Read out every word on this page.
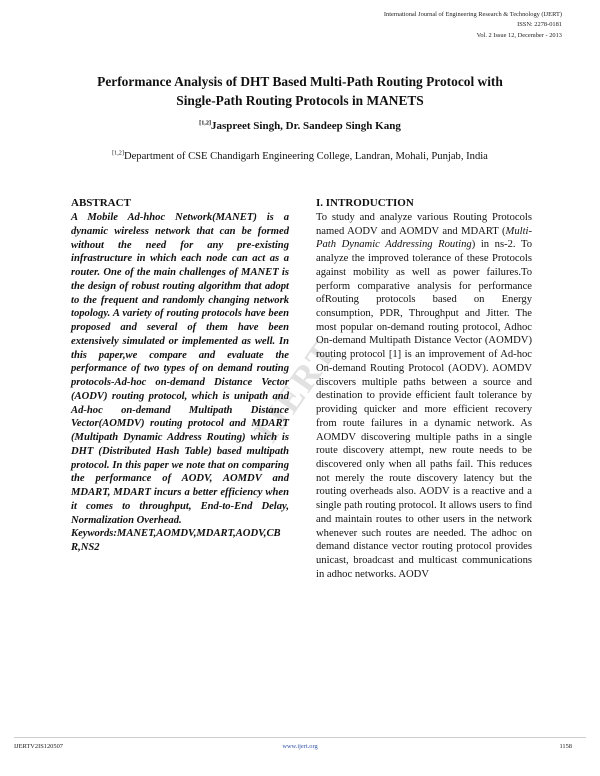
International Journal of Engineering Research & Technology (IJERT)
ISSN: 2278-0181
Vol. 2 Issue 12, December - 2013
Performance Analysis of DHT Based Multi-Path Routing Protocol with
Single-Path Routing Protocols in MANETS
[1,2]Jaspreet Singh, Dr. Sandeep Singh Kang
[1,2]Department of CSE Chandigarh Engineering College, Landran, Mohali, Punjab, India
IJERT
ABSTRACT
A Mobile Ad-hhoc Network(MANET) is a dynamic wireless network that can be formed without the need for any pre-existing infrastructure in which each node can act as a router. One of the main challenges of MANET is the design of robust routing algorithm that adopt to the frequent and randomly changing network topology. A variety of routing protocols have been proposed and several of them have been extensively simulated or implemented as well. In this paper,we compare and evaluate the performance of two types of on demand routing protocols-Ad-hoc on-demand Distance Vector (AODV) routing protocol, which is unipath and Ad-hoc on-demand Multipath Distance Vector(AOMDV) routing protocol and MDART (Multipath Dynamic Address Routing) which is DHT (Distributed Hash Table) based multipath protocol. In this paper we note that on comparing the performance of AODV, AOMDV and MDART, MDART incurs a better efficiency when it comes to throughput, End-to-End Delay, Normalization Overhead.
Keywords:MANET,AOMDV,MDART,AODV,CBR,NS2
I. INTRODUCTION
To study and analyze various Routing Protocols named AODV and AOMDV and MDART (Multi-Path Dynamic Addressing Routing) in ns-2. To analyze the improved tolerance of these Protocols against mobility as well as power failures.To perform comparative analysis for performance ofRouting protocols based on Energy consumption, PDR, Throughput and Jitter. The most popular on-demand routing protocol, Adhoc On-demand Multipath Distance Vector (AOMDV) routing protocol [1] is an improvement of Ad-hoc On-demand Routing Protocol (AODV). AOMDV discovers multiple paths between a source and destination to provide efficient fault tolerance by providing quicker and more efficient recovery from route failures in a dynamic network. As AOMDV discovering multiple paths in a single route discovery attempt, new route needs to be discovered only when all paths fail. This reduces not merely the route discovery latency but the routing overheads also. AODV is a reactive and a single path routing protocol. It allows users to find and maintain routes to other users in the network whenever such routes are needed. The adhoc on demand distance vector routing protocol provides unicast, broadcast and multicast communications in adhoc networks. AODV
IJERTV2IS120507	www.ijert.org	1158
